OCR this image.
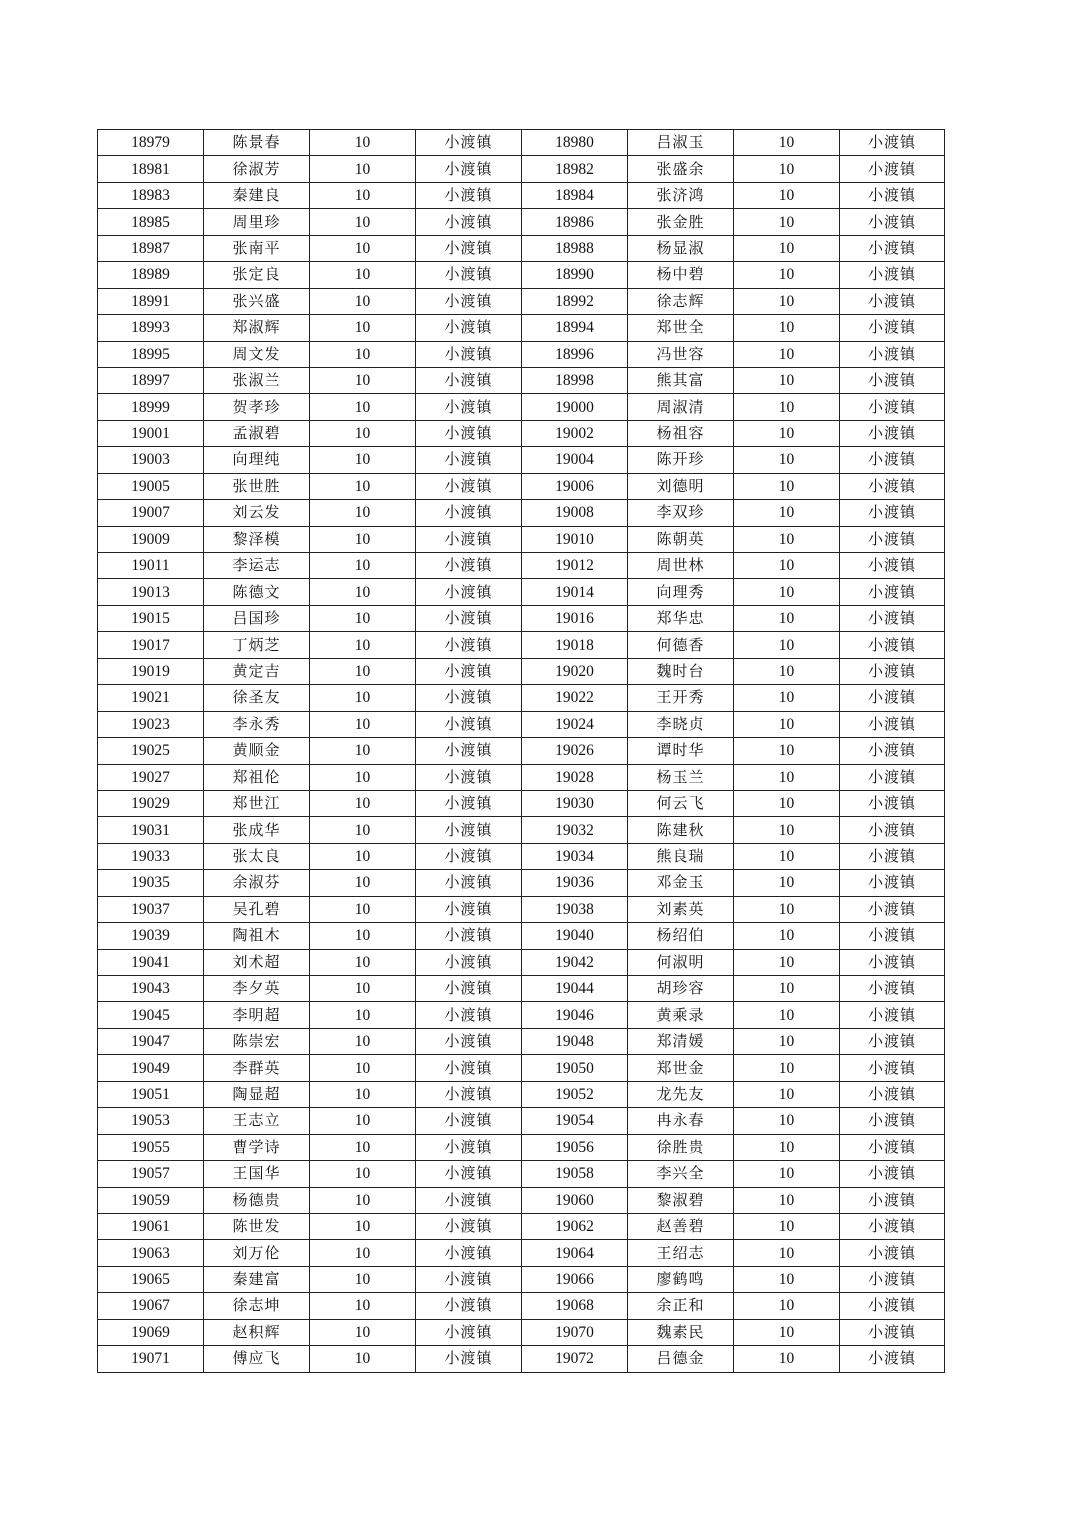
18979	陈景春	10	小渡镇	18980	吕淑玉	10	小渡镇
18981	徐淑芳	10	小渡镇	18982	张盛余	10	小渡镇
18983	秦建良	10	小渡镇	18984	张济鸿	10	小渡镇
18985	周里珍	10	小渡镇	18986	张金胜	10	小渡镇
18987	张南平	10	小渡镇	18988	杨显淑	10	小渡镇
18989	张定良	10	小渡镇	18990	杨中碧	10	小渡镇
18991	张兴盛	10	小渡镇	18992	徐志辉	10	小渡镇
18993	郑淑辉	10	小渡镇	18994	郑世全	10	小渡镇
18995	周文发	10	小渡镇	18996	冯世容	10	小渡镇
18997	张淑兰	10	小渡镇	18998	熊其富	10	小渡镇
18999	贺孝珍	10	小渡镇	19000	周淑清	10	小渡镇
19001	孟淑碧	10	小渡镇	19002	杨祖容	10	小渡镇
19003	向理纯	10	小渡镇	19004	陈开珍	10	小渡镇
19005	张世胜	10	小渡镇	19006	刘德明	10	小渡镇
19007	刘云发	10	小渡镇	19008	李双珍	10	小渡镇
19009	黎泽模	10	小渡镇	19010	陈朝英	10	小渡镇
19011	李运志	10	小渡镇	19012	周世林	10	小渡镇
19013	陈德文	10	小渡镇	19014	向理秀	10	小渡镇
19015	吕国珍	10	小渡镇	19016	郑华忠	10	小渡镇
19017	丁炳芝	10	小渡镇	19018	何德香	10	小渡镇
19019	黄定吉	10	小渡镇	19020	魏时台	10	小渡镇
19021	徐圣友	10	小渡镇	19022	王开秀	10	小渡镇
19023	李永秀	10	小渡镇	19024	李晓贞	10	小渡镇
19025	黄顺金	10	小渡镇	19026	谭时华	10	小渡镇
19027	郑祖伦	10	小渡镇	19028	杨玉兰	10	小渡镇
19029	郑世江	10	小渡镇	19030	何云飞	10	小渡镇
19031	张成华	10	小渡镇	19032	陈建秋	10	小渡镇
19033	张太良	10	小渡镇	19034	熊良瑞	10	小渡镇
19035	余淑芬	10	小渡镇	19036	邓金玉	10	小渡镇
19037	吴孔碧	10	小渡镇	19038	刘素英	10	小渡镇
19039	陶祖木	10	小渡镇	19040	杨绍伯	10	小渡镇
19041	刘术超	10	小渡镇	19042	何淑明	10	小渡镇
19043	李夕英	10	小渡镇	19044	胡珍容	10	小渡镇
19045	李明超	10	小渡镇	19046	黄乘录	10	小渡镇
19047	陈崇宏	10	小渡镇	19048	郑清媛	10	小渡镇
19049	李群英	10	小渡镇	19050	郑世金	10	小渡镇
19051	陶显超	10	小渡镇	19052	龙先友	10	小渡镇
19053	王志立	10	小渡镇	19054	冉永春	10	小渡镇
19055	曹学诗	10	小渡镇	19056	徐胜贵	10	小渡镇
19057	王国华	10	小渡镇	19058	李兴全	10	小渡镇
19059	杨德贵	10	小渡镇	19060	黎淑碧	10	小渡镇
19061	陈世发	10	小渡镇	19062	赵善碧	10	小渡镇
19063	刘万伦	10	小渡镇	19064	王绍志	10	小渡镇
19065	秦建富	10	小渡镇	19066	廖鹤鸣	10	小渡镇
19067	徐志坤	10	小渡镇	19068	余正和	10	小渡镇
19069	赵积辉	10	小渡镇	19070	魏素民	10	小渡镇
19071	傅应飞	10	小渡镇	19072	吕德金	10	小渡镇
